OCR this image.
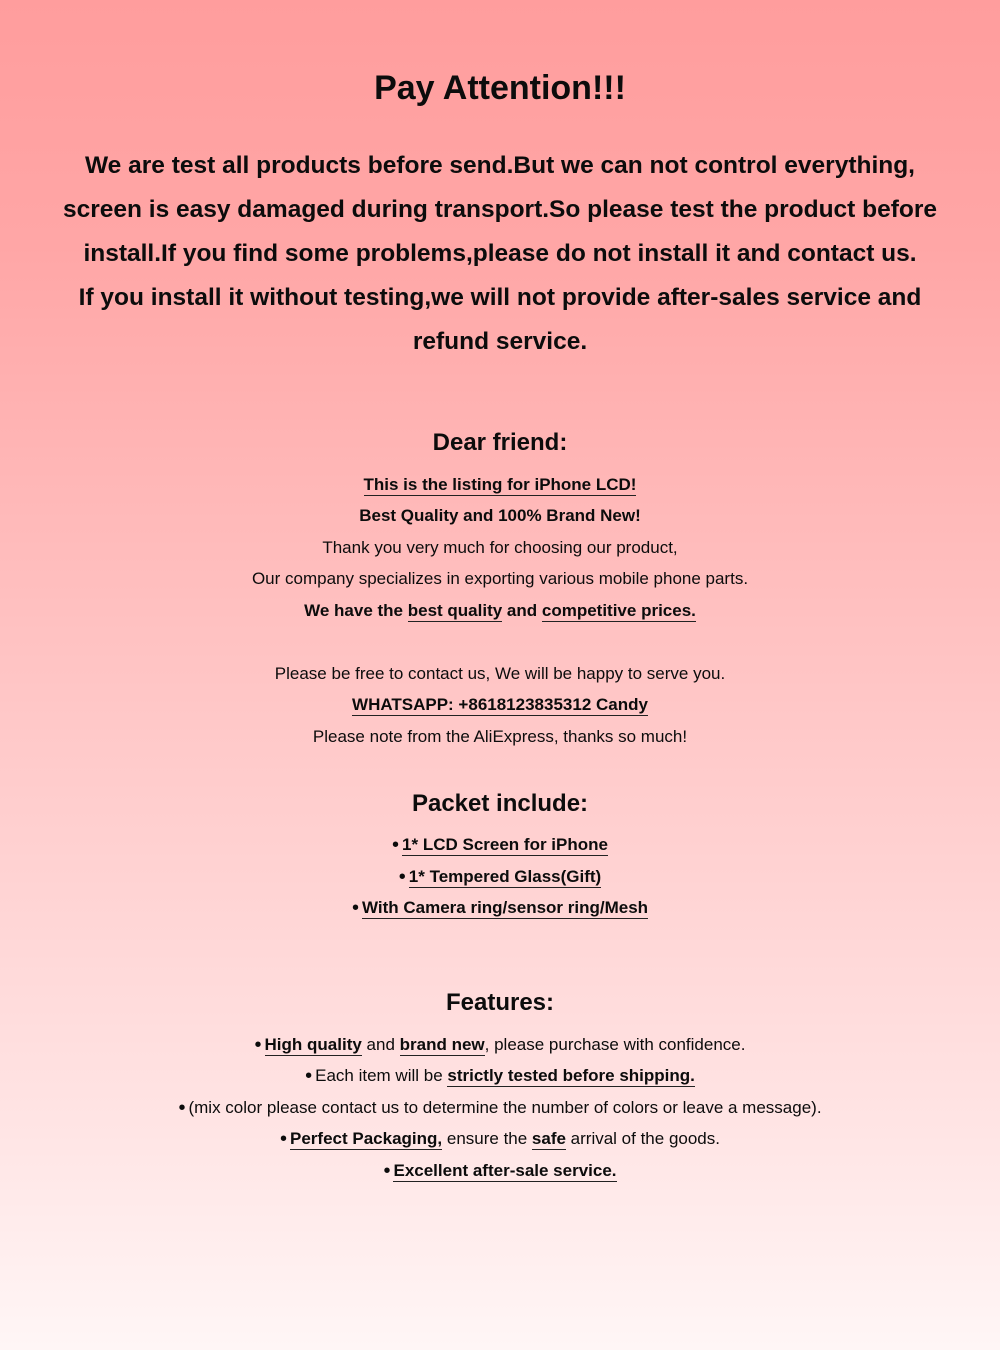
Pay Attention!!!
We are test all products before send.But we can not control everything,
screen is easy damaged during transport.So please test the product before
install.If you find some problems,please do not install it and contact us.
If you install it without testing,we will not provide after-sales service and
refund service.
Dear friend:
This is the listing for iPhone LCD!
Best Quality and 100% Brand New!
Thank you very much for choosing our product,
Our company specializes in exporting various mobile phone parts.
We have the best quality and competitive prices.
Please be free to contact us, We will be happy to serve you.
WHATSAPP: +8618123835312 Candy
Please note from the AliExpress, thanks so much!
Packet include:
• 1* LCD Screen for iPhone
• 1* Tempered Glass(Gift)
• With Camera ring/sensor ring/Mesh
Features:
• High quality and brand new, please purchase with confidence.
• Each item will be strictly tested before shipping.
• (mix color please contact us to determine the number of colors or leave a message).
• Perfect Packaging, ensure the safe arrival of the goods.
• Excellent after-sale service.
